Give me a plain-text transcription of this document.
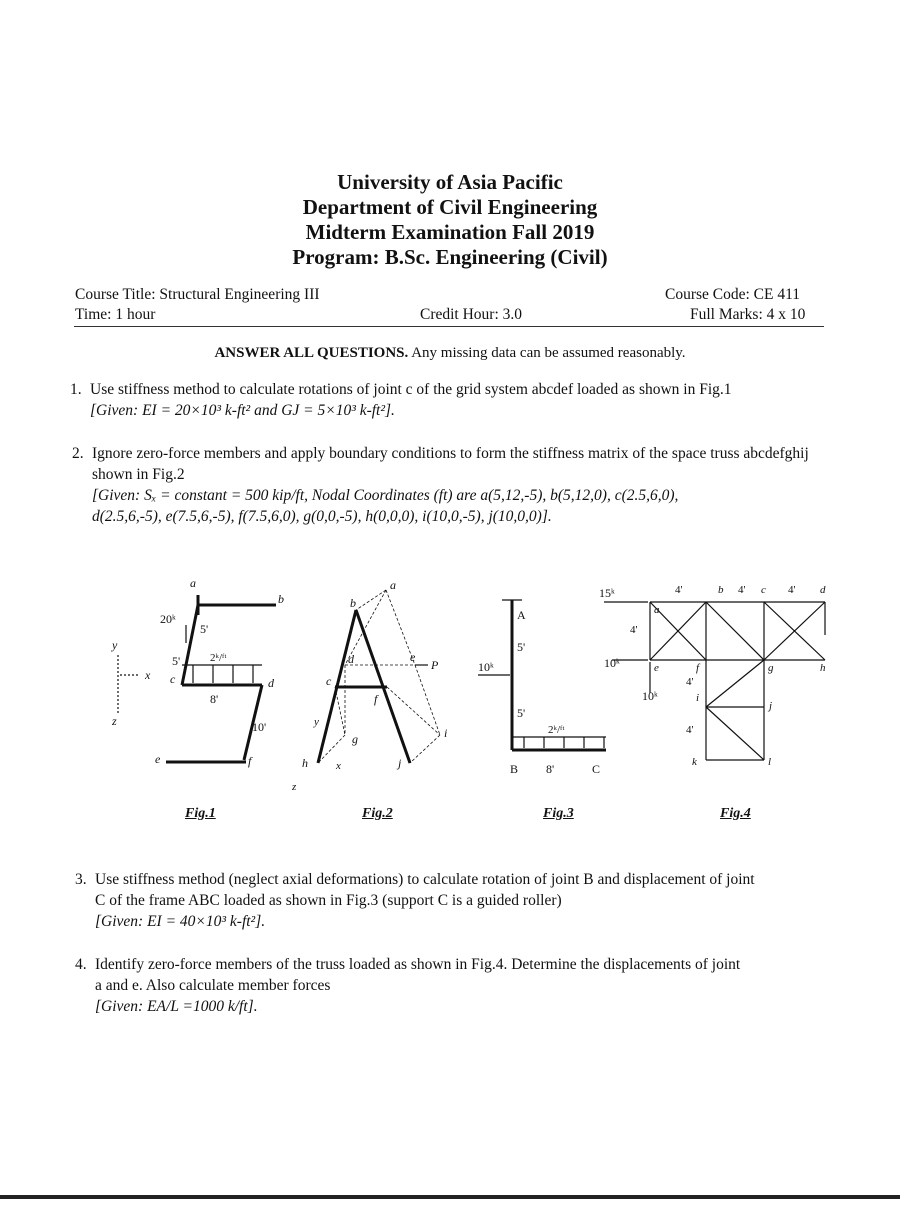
University of Asia Pacific
Department of Civil Engineering
Midterm Examination Fall 2019
Program: B.Sc. Engineering (Civil)
Course Title: Structural Engineering III	Course Code: CE 411
Time: 1 hour	Credit Hour: 3.0	Full Marks: 4 x 10
ANSWER ALL QUESTIONS. Any missing data can be assumed reasonably.
1. Use stiffness method to calculate rotations of joint c of the grid system abcdef loaded as shown in Fig.1
[Given: EI = 20×10³ k-ft² and GJ = 5×10³ k-ft²].
2. Ignore zero-force members and apply boundary conditions to form the stiffness matrix of the space truss abcdefghij shown in Fig.2
[Given: Sₓ = constant = 500 kip/ft, Nodal Coordinates (ft) are a(5,12,-5), b(5,12,0), c(2.5,6,0),
d(2.5,6,-5), e(7.5,6,-5), f(7.5,6,0), g(0,0,-5), h(0,0,0), i(10,0,-5), j(10,0,0)].
a
b
c	d
e	f
x
y
z
20ᵏ
2ᵏ/ᶠᵗ
5'
5'
8'
10'
a
b
c
d	e
f
g
h
i
j
P
x
y
z
A
B	C
5'
5'
8'
10ᵏ
2ᵏ/ᶠᵗ
15ᵏ
10ᵏ
10ᵏ
a
b	c	d
e	f	g	h
i
j
k	l
4'	4'	4'
4'
4'
4'
Fig.1	Fig.2	Fig.3	Fig.4
3. Use stiffness method (neglect axial deformations) to calculate rotation of joint B and displacement of joint
C of the frame ABC loaded as shown in Fig.3 (support C is a guided roller)
[Given: EI = 40×10³ k-ft²].
4. Identify zero-force members of the truss loaded as shown in Fig.4. Determine the displacements of joint
a and e. Also calculate member forces
[Given: EA/L =1000 k/ft].
